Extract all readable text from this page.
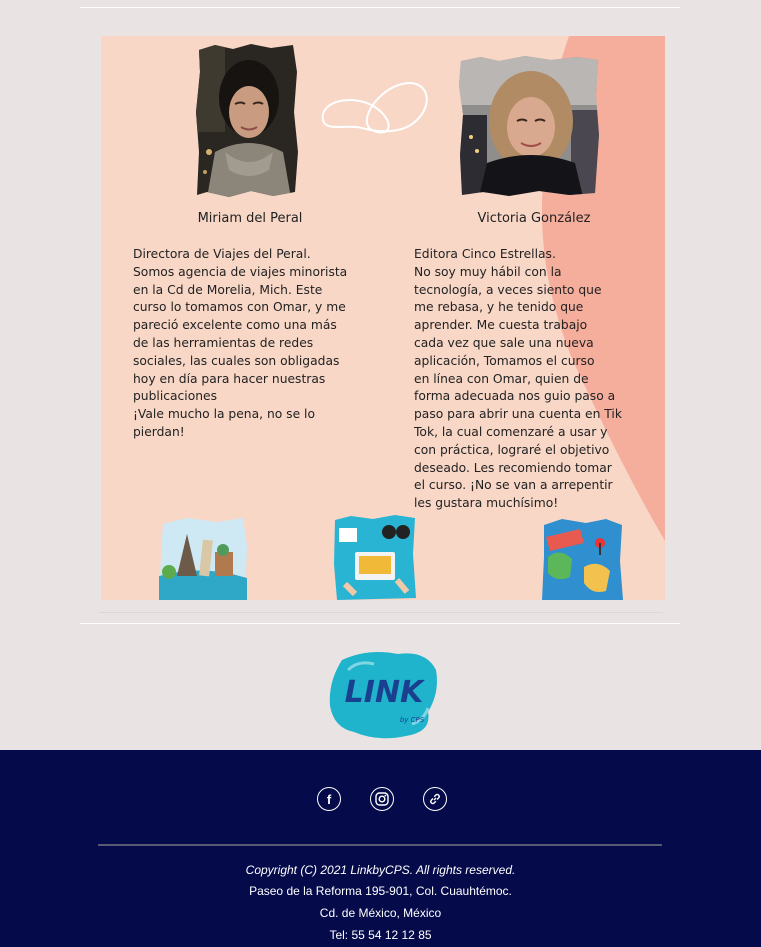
Miriam del Peral	Victoria González
Directora de Viajes del Peral.
Somos agencia de viajes minorista
en la Cd de Morelia, Mich. Este
curso lo tomamos con Omar, y me
pareció excelente como una más
de las herramientas de redes
sociales, las cuales son obligadas
hoy en día para hacer nuestras
publicaciones
¡Vale mucho la pena, no se lo
pierdan!
Editora Cinco Estrellas.
No soy muy hábil con la
tecnología, a veces siento que
me rebasa, y he tenido que
aprender. Me cuesta trabajo
cada vez que sale una nueva
aplicación, Tomamos el curso
en línea con Omar, quien de
forma adecuada nos guio paso a
paso para abrir una cuenta en Tik
Tok, la cual comenzaré a usar y
con práctica, lograré el objetivo
deseado. Les recomiendo tomar
el curso. ¡No se van a arrepentir
les gustara muchísimo!
LINK
by CPS
f
Copyright (C) 2021 LinkbyCPS. All rights reserved.
Paseo de la Reforma 195-901, Col. Cuauhtémoc.
Cd. de México, México
Tel: 55 54 12 12 85
